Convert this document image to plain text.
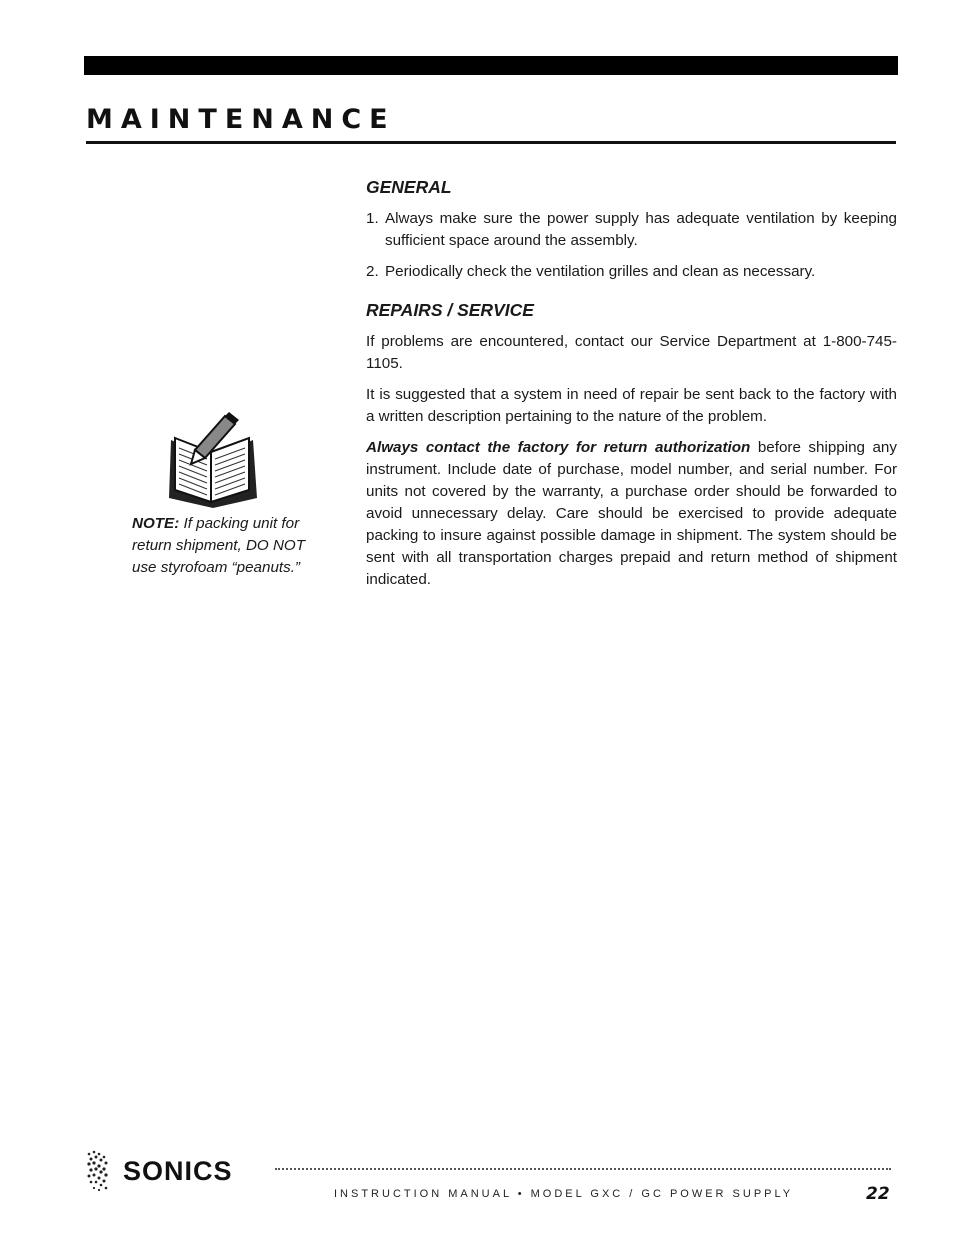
MAINTENANCE
GENERAL
1. Always make sure the power supply has adequate ventilation by keeping sufficient space around the assembly.
2. Periodically check the ventilation grilles and clean as necessary.
REPAIRS / SERVICE

If problems are encountered, contact our Service Department at 1-800-745-1105.

It is suggested that a system in need of repair be sent back to the factory with a written description pertaining to the nature of the problem.

Always contact the factory for return authorization before shipping any instrument. Include date of purchase, model number, and serial number. For units not covered by the warranty, a purchase order should be forwarded to avoid unnecessary delay. Care should be exercised to provide adequate packing to insure against possible damage in shipment. The system should be sent with all transportation charges prepaid and return method of shipment indicated.

NOTE: If packing unit for return shipment, DO NOT use styrofoam “peanuts.”
SONICS
INSTRUCTION MANUAL • MODEL GXC / GC POWER SUPPLY	22
